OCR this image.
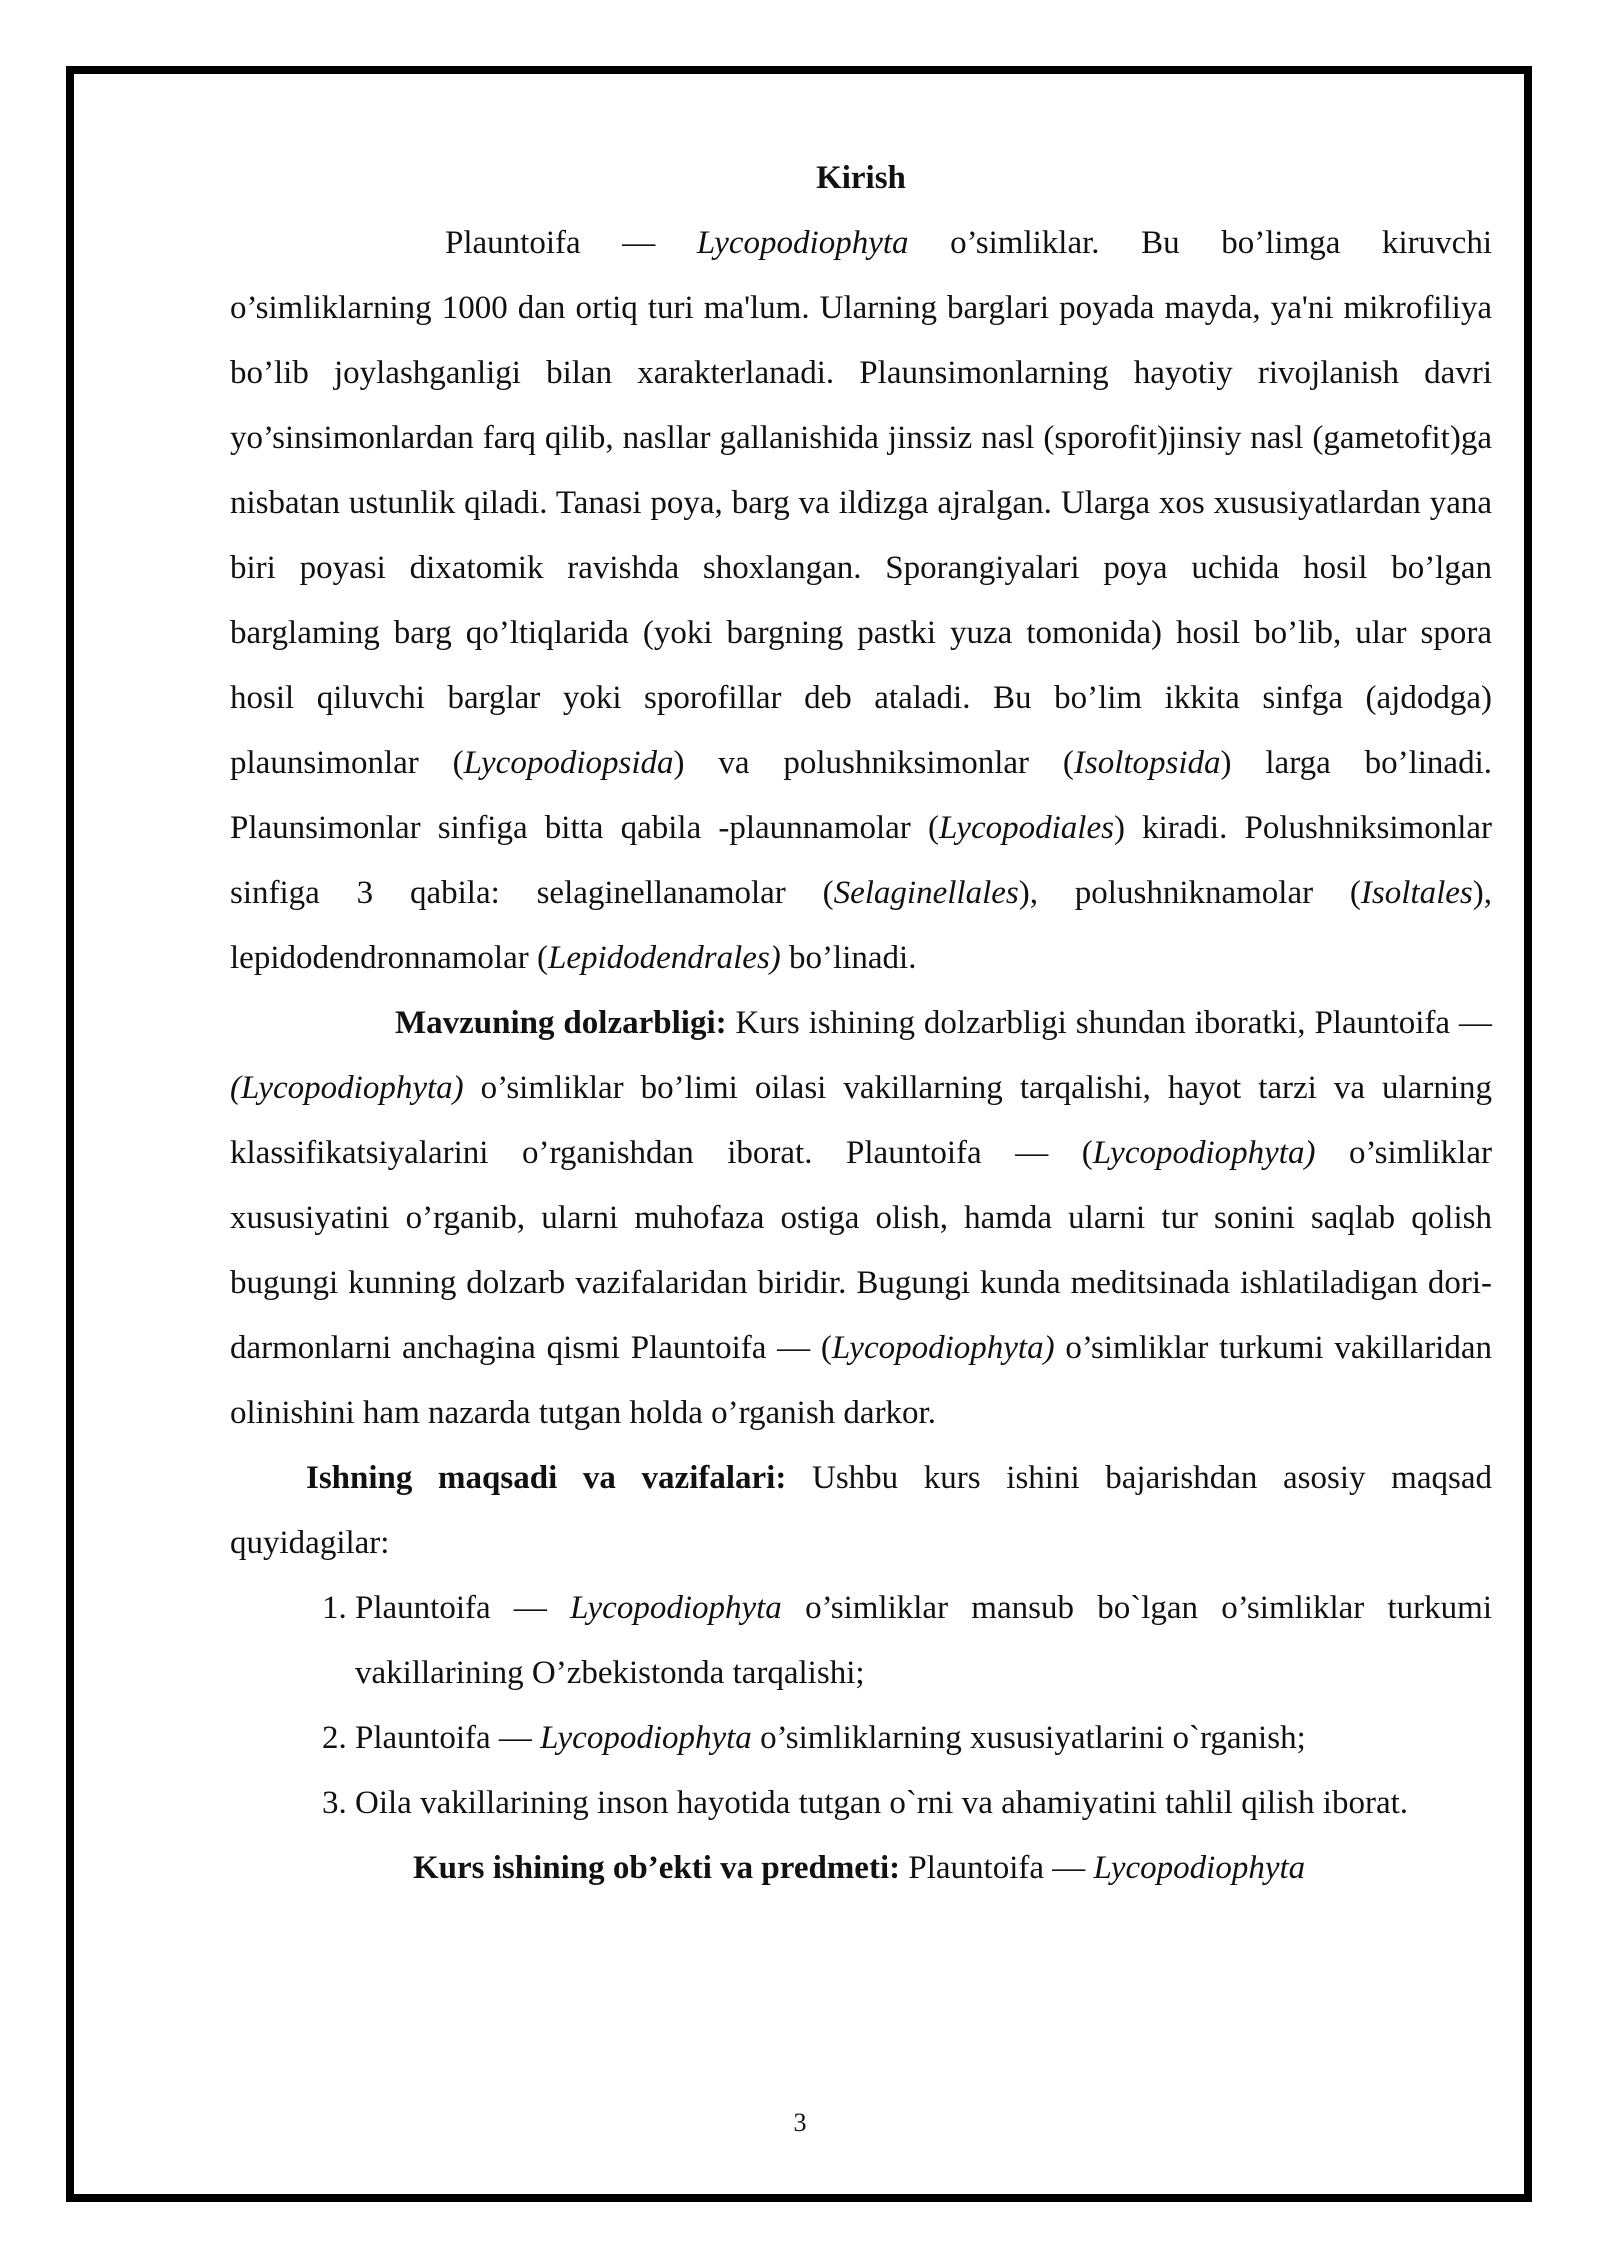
Kirish

Plauntoifa — Lycopodiophyta o’simliklar. Bu bo’limga kiruvchi o’simliklarning 1000 dan ortiq turi ma'lum. Ularning barglari poyada mayda, ya'ni mikrofiliya bo’lib joylashganligi bilan xarakterlanadi. Plaunsimonlarning hayotiy rivojlanish davri yo’sinsimonlardan farq qilib, nasllar gallanishida jinssiz nasl (sporofit)jinsiy nasl (gametofit)ga nisbatan ustunlik qiladi. Tanasi poya, barg va ildizga ajralgan. Ularga xos xususiyatlardan yana biri poyasi dixatomik ravishda shoxlangan. Sporangiyalari poya uchida hosil bo’lgan barglaming barg qo’ltiqlarida (yoki bargning pastki yuza tomonida) hosil bo’lib, ular spora hosil qiluvchi barglar yoki sporofillar deb ataladi. Bu bo’lim ikkita sinfga (ajdodga) plaunsimonlar (Lycopodiopsida) va polushniksimonlar (Isoltopsida) larga bo’linadi. Plaunsimonlar sinfiga bitta qabila -plaunnamolar (Lycopodiales) kiradi. Polushniksimonlar sinfiga 3 qabila: selaginellanamolar (Selaginellales), polushniknamolar (Isoltales), lepidodendronnamolar (Lepidodendrales) bo’linadi.

Mavzuning dolzarbligi: Kurs ishining dolzarbligi shundan iboratki, Plauntoifa — (Lycopodiophyta) o’simliklar bo’limi oilasi vakillarning tarqalishi, hayot tarzi va ularning klassifikatsiyalarini o’rganishdan iborat. Plauntoifa — (Lycopodiophyta) o’simliklar xususiyatini o’rganib, ularni muhofaza ostiga olish, hamda ularni tur sonini saqlab qolish bugungi kunning dolzarb vazifalaridan biridir. Bugungi kunda meditsinada ishlatiladigan dori-darmonlarni anchagina qismi Plauntoifa — (Lycopodiophyta) o’simliklar turkumi vakillaridan olinishini ham nazarda tutgan holda o’rganish darkor.

Ishning maqsadi va vazifalari: Ushbu kurs ishini bajarishdan asosiy maqsad quyidagilar:

1. Plauntoifa — Lycopodiophyta o’simliklar mansub bo`lgan o’simliklar turkumi vakillarining O’zbekistonda tarqalishi;
2. Plauntoifa — Lycopodiophyta o’simliklarning xususiyatlarini o`rganish;
3. Oila vakillarining inson hayotida tutgan o`rni va ahamiyatini tahlil qilish iborat.

Kurs ishining ob’ekti va predmeti: Plauntoifa — Lycopodiophyta

3
